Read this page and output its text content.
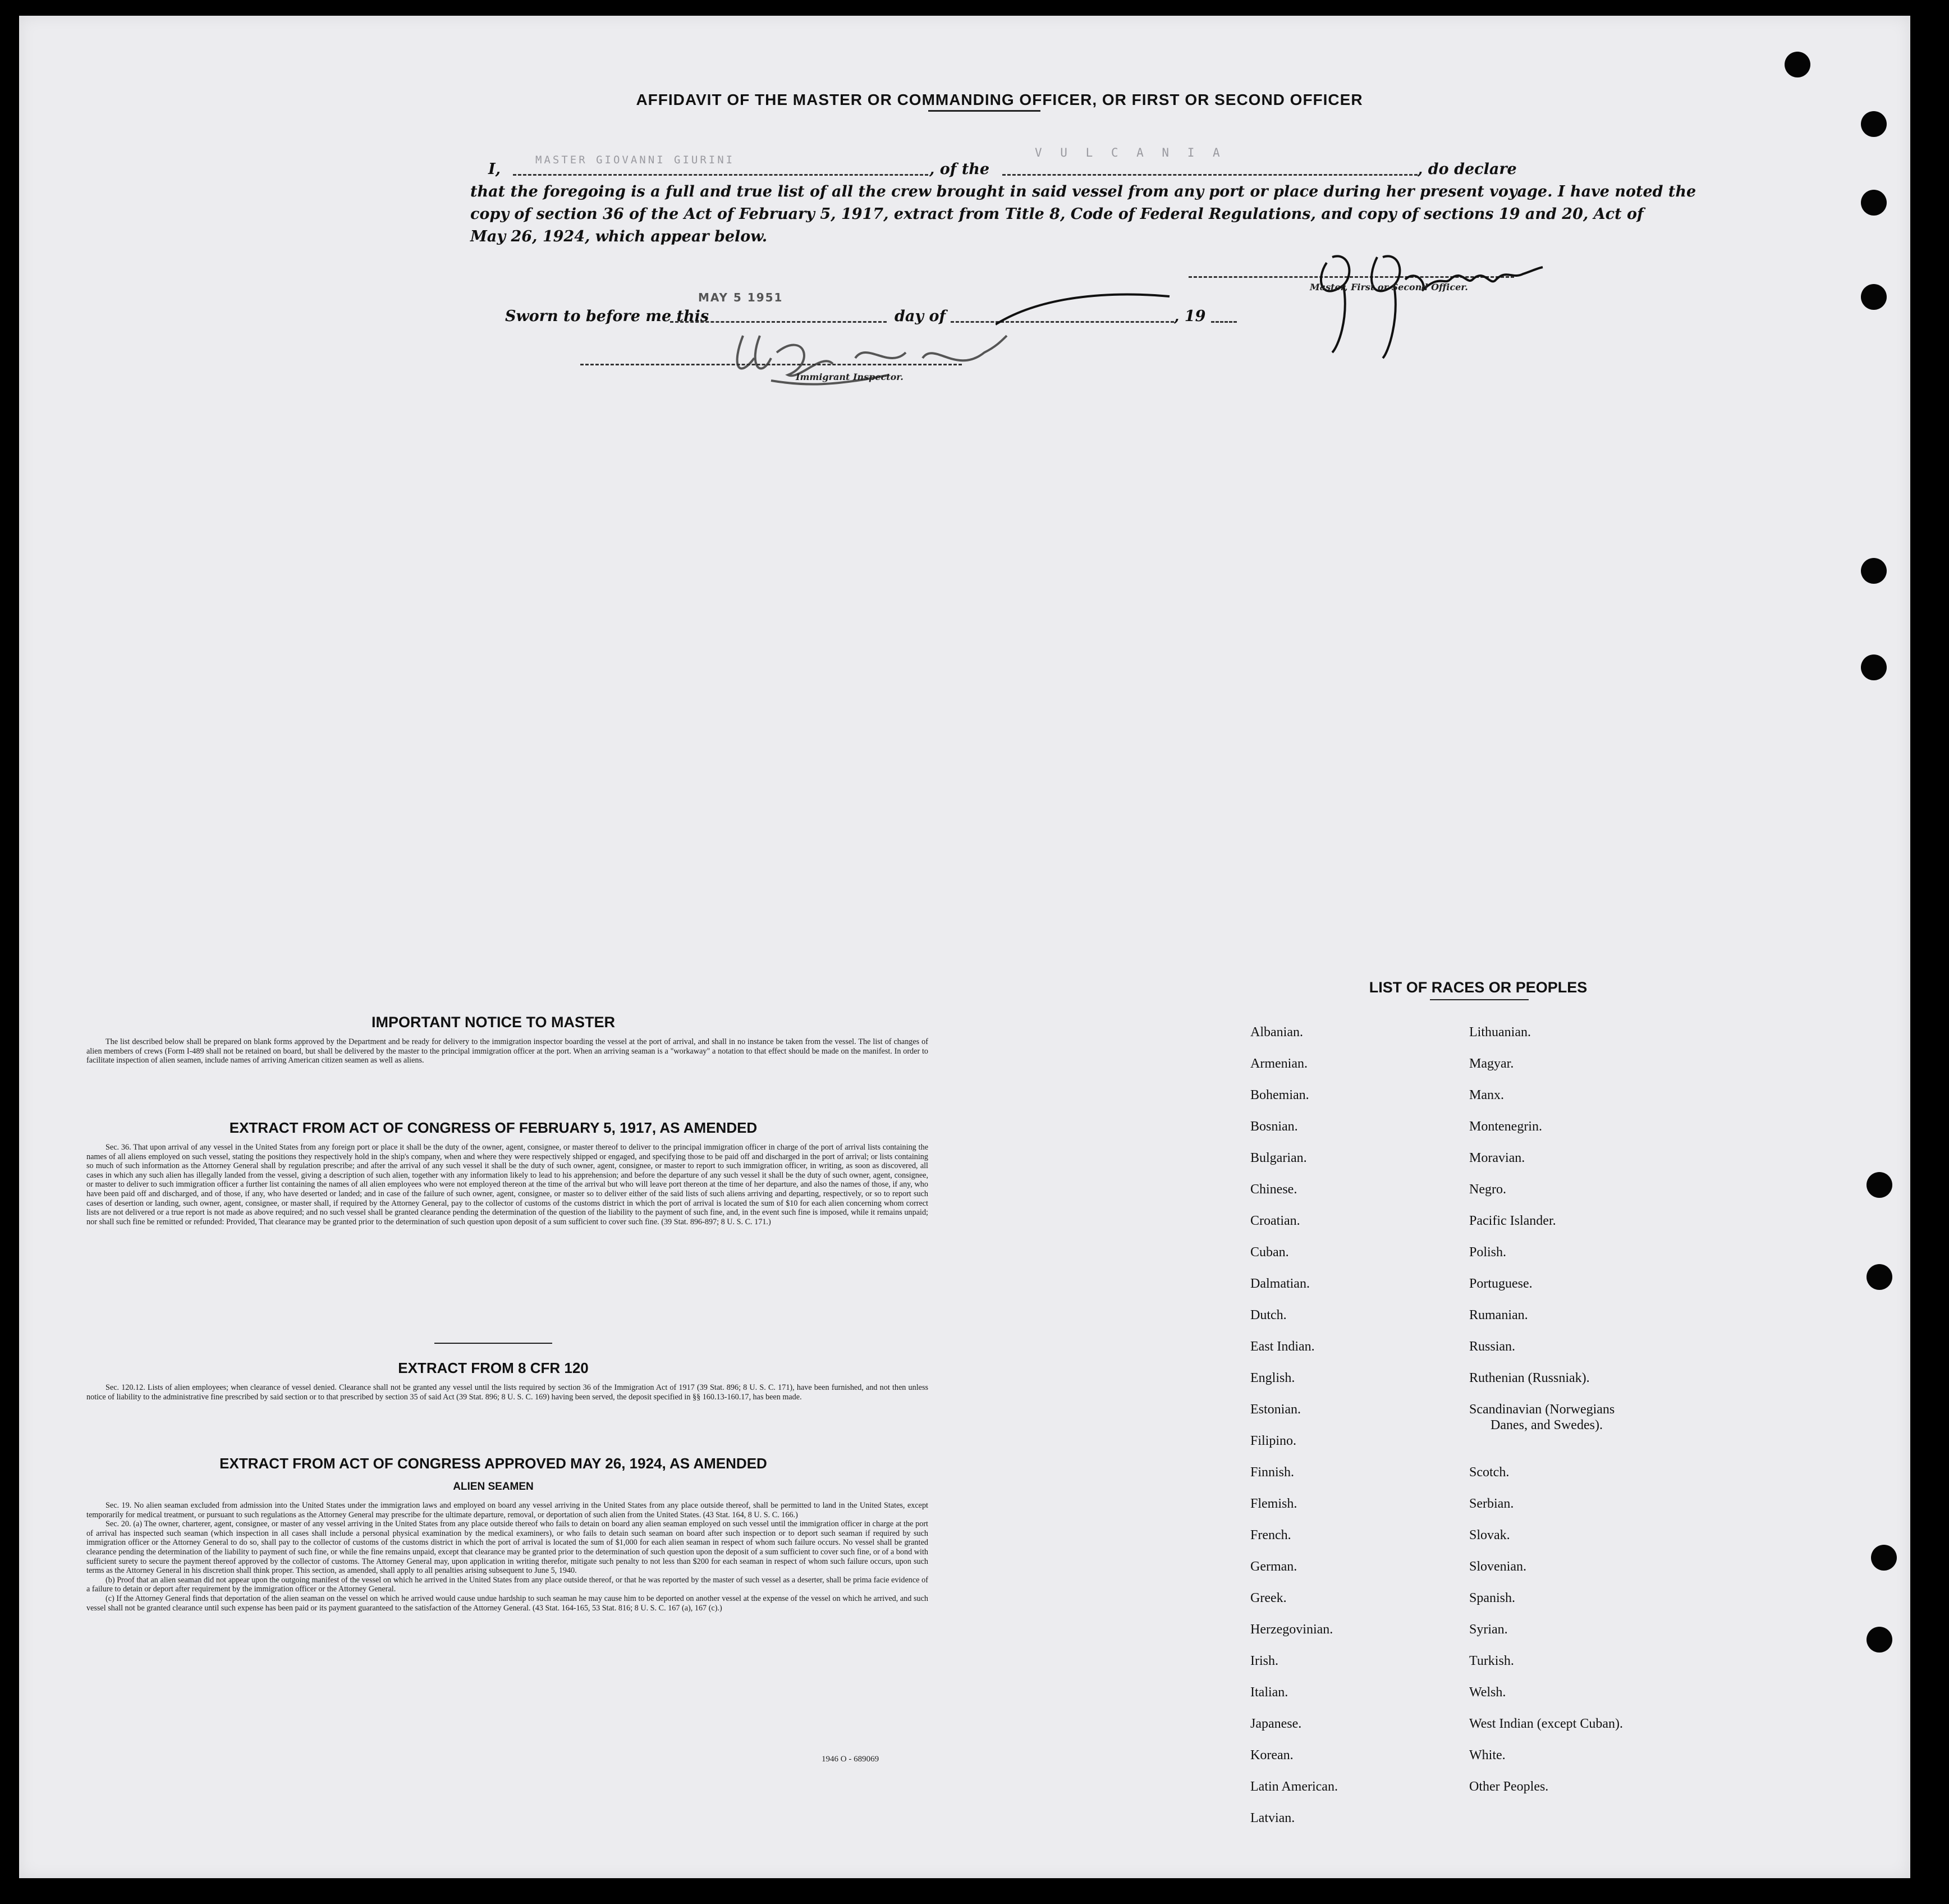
AFFIDAVIT OF THE MASTER OR COMMANDING OFFICER, OR FIRST OR SECOND OFFICER
I,
MASTER GIOVANNI GIURINI
, of the
V U L C A N I A
, do declare
that the foregoing is a full and true list of all the crew brought in said vessel from any port or place during her present voyage. I have noted the
copy of section 36 of the Act of February 5, 1917, extract from Title 8, Code of Federal Regulations, and copy of sections 19 and 20, Act of
May 26, 1924, which appear below.
Master, First or Second Officer.
Sworn to before me this
MAY 5 1951
day of	, 19
Immigrant Inspector.
IMPORTANT NOTICE TO MASTER

The list described below shall be prepared on blank forms approved by the Department and be ready for delivery to the immigration inspector boarding the vessel at the port of arrival, and shall in no instance be taken from the vessel. The list of changes of alien members of crews (Form I-489 shall not be retained on board, but shall be delivered by the master to the principal immigration officer at the port. When an arriving seaman is a "workaway" a notation to that effect should be made on the manifest. In order to facilitate inspection of alien seamen, include names of arriving American citizen seamen as well as aliens.

EXTRACT FROM ACT OF CONGRESS OF FEBRUARY 5, 1917, AS AMENDED

Sec. 36. That upon arrival of any vessel in the United States from any foreign port or place it shall be the duty of the owner, agent, consignee, or master thereof to deliver to the principal immigration officer in charge of the port of arrival lists containing the names of all aliens employed on such vessel, stating the positions they respectively hold in the ship's company, when and where they were respectively shipped or engaged, and specifying those to be paid off and discharged in the port of arrival; or lists containing so much of such information as the Attorney General shall by regulation prescribe; and after the arrival of any such vessel it shall be the duty of such owner, agent, consignee, or master to report to such immigration officer, in writing, as soon as discovered, all cases in which any such alien has illegally landed from the vessel, giving a description of such alien, together with any information likely to lead to his apprehension; and before the departure of any such vessel it shall be the duty of such owner, agent, consignee, or master to deliver to such immigration officer a further list containing the names of all alien employees who were not employed thereon at the time of the arrival but who will leave port thereon at the time of her departure, and also the names of those, if any, who have been paid off and discharged, and of those, if any, who have deserted or landed; and in case of the failure of such owner, agent, consignee, or master so to deliver either of the said lists of such aliens arriving and departing, respectively, or so to report such cases of desertion or landing, such owner, agent, consignee, or master shall, if required by the Attorney General, pay to the collector of customs of the customs district in which the port of arrival is located the sum of $10 for each alien concerning whom correct lists are not delivered or a true report is not made as above required; and no such vessel shall be granted clearance pending the determination of the question of the liability to the payment of such fine, and, in the event such fine is imposed, while it remains unpaid; nor shall such fine be remitted or refunded: Provided, That clearance may be granted prior to the determination of such question upon deposit of a sum sufficient to cover such fine. (39 Stat. 896-897; 8 U. S. C. 171.)

EXTRACT FROM 8 CFR 120

Sec. 120.12. Lists of alien employees; when clearance of vessel denied. Clearance shall not be granted any vessel until the lists required by section 36 of the Immigration Act of 1917 (39 Stat. 896; 8 U. S. C. 171), have been furnished, and not then unless notice of liability to the administrative fine prescribed by said section or to that prescribed by section 35 of said Act (39 Stat. 896; 8 U. S. C. 169) having been served, the deposit specified in §§ 160.13-160.17, has been made.

EXTRACT FROM ACT OF CONGRESS APPROVED MAY 26, 1924, AS AMENDED
ALIEN SEAMEN

Sec. 19. No alien seaman excluded from admission into the United States under the immigration laws and employed on board any vessel arriving in the United States from any place outside thereof, shall be permitted to land in the United States, except temporarily for medical treatment, or pursuant to such regulations as the Attorney General may prescribe for the ultimate departure, removal, or deportation of such alien from the United States. (43 Stat. 164, 8 U. S. C. 166.)

Sec. 20. (a) The owner, charterer, agent, consignee, or master of any vessel arriving in the United States from any place outside thereof who fails to detain on board any alien seaman employed on such vessel until the immigration officer in charge at the port of arrival has inspected such seaman (which inspection in all cases shall include a personal physical examination by the medical examiners), or who fails to detain such seaman on board after such inspection or to deport such seaman if required by such immigration officer or the Attorney General to do so, shall pay to the collector of customs of the customs district in which the port of arrival is located the sum of $1,000 for each alien seaman in respect of whom such failure occurs. No vessel shall be granted clearance pending the determination of the liability to payment of such fine, or while the fine remains unpaid, except that clearance may be granted prior to the determination of such question upon the deposit of a sum sufficient to cover such fine, or of a bond with sufficient surety to secure the payment thereof approved by the collector of customs. The Attorney General may, upon application in writing therefor, mitigate such penalty to not less than $200 for each seaman in respect of whom such failure occurs, upon such terms as the Attorney General in his discretion shall think proper. This section, as amended, shall apply to all penalties arising subsequent to June 5, 1940.

(b) Proof that an alien seaman did not appear upon the outgoing manifest of the vessel on which he arrived in the United States from any place outside thereof, or that he was reported by the master of such vessel as a deserter, shall be prima facie evidence of a failure to detain or deport after requirement by the immigration officer or the Attorney General.

(c) If the Attorney General finds that deportation of the alien seaman on the vessel on which he arrived would cause undue hardship to such seaman he may cause him to be deported on another vessel at the expense of the vessel on which he arrived, and such vessel shall not be granted clearance until such expense has been paid or its payment guaranteed to the satisfaction of the Attorney General. (43 Stat. 164-165, 53 Stat. 816; 8 U. S. C. 167 (a), 167 (c).)

1946 O - 689069
LIST OF RACES OR PEOPLES
Albanian.
Armenian.
Bohemian.
Bosnian.
Bulgarian.
Chinese.
Croatian.
Cuban.
Dalmatian.
Dutch.
East Indian.
English.
Estonian.
Filipino.
Finnish.
Flemish.
French.
German.
Greek.
Herzegovinian.
Irish.
Italian.
Japanese.
Korean.
Latin American.
Latvian.
Lithuanian.
Magyar.
Manx.
Montenegrin.
Moravian.
Negro.
Pacific Islander.
Polish.
Portuguese.
Rumanian.
Russian.
Ruthenian (Russniak).
Scandinavian (Norwegians
Danes, and Swedes).
Scotch.
Serbian.
Slovak.
Slovenian.
Spanish.
Syrian.
Turkish.
Welsh.
West Indian (except Cuban).
White.
Other Peoples.
